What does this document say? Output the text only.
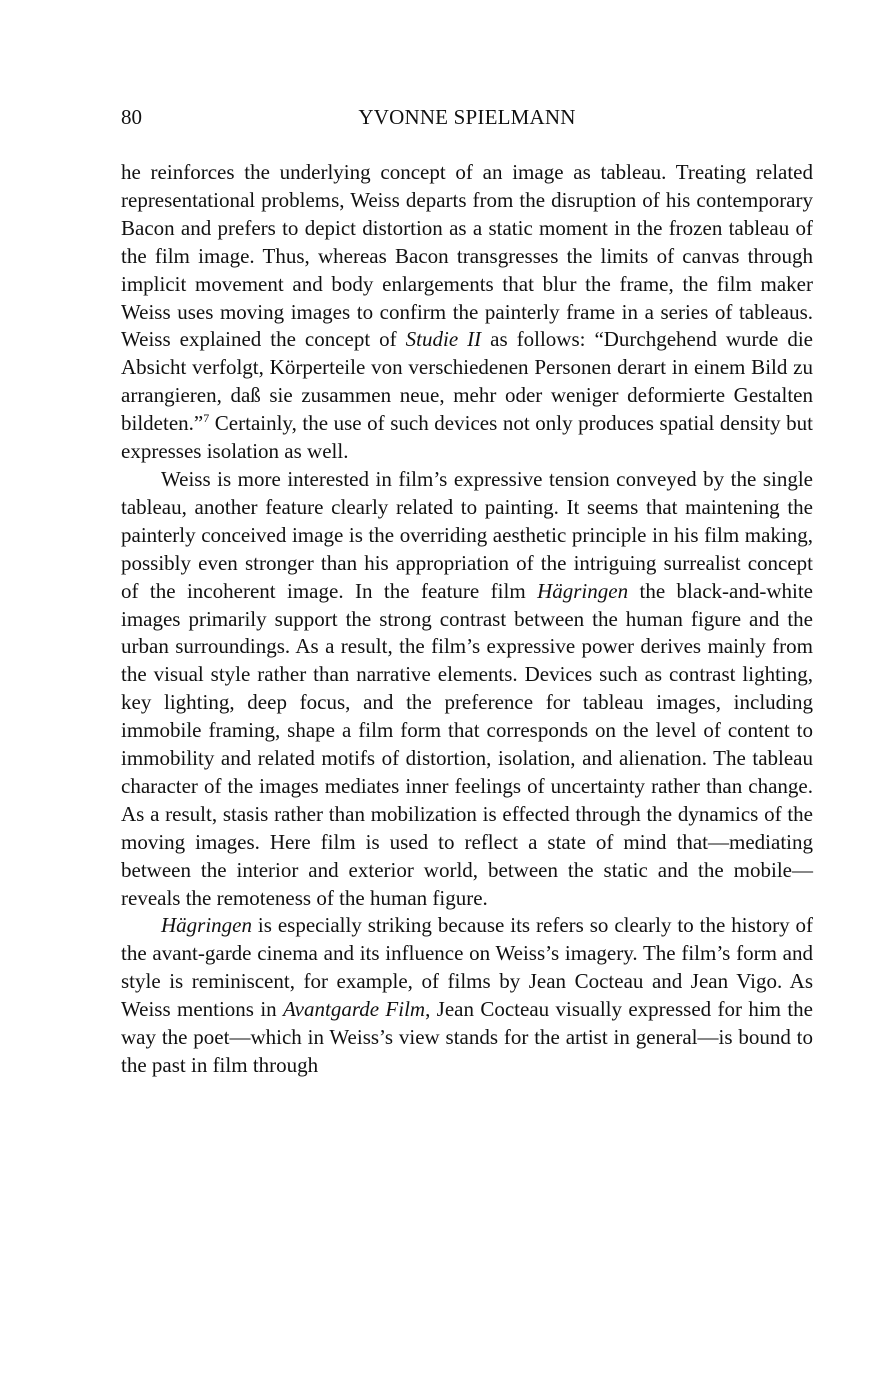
80	YVONNE SPIELMANN

he reinforces the underlying concept of an image as tableau. Treating related representational problems, Weiss departs from the disruption of his contemporary Bacon and prefers to depict distortion as a static moment in the frozen tableau of the film image. Thus, whereas Bacon transgresses the limits of canvas through implicit movement and body enlargements that blur the frame, the film maker Weiss uses moving images to confirm the painterly frame in a series of tableaus. Weiss explained the concept of Studie II as follows: “Durchgehend wurde die Absicht verfolgt, Körperteile von verschiedenen Personen derart in einem Bild zu arrangieren, daß sie zusammen neue, mehr oder weniger deformierte Gestalten bildeten.”$^7$ Certainly, the use of such devices not only produces spatial density but expresses isolation as well.

Weiss is more interested in film’s expressive tension conveyed by the single tableau, another feature clearly related to painting. It seems that maintening the painterly conceived image is the overriding aesthetic principle in his film making, possibly even stronger than his appropriation of the intriguing surrealist concept of the incoherent image. In the feature film Hägringen the black-and-white images primarily support the strong contrast between the human figure and the urban surroundings. As a result, the film’s expressive power derives mainly from the visual style rather than narrative elements. Devices such as contrast lighting, key lighting, deep focus, and the preference for tableau images, including immobile framing, shape a film form that corresponds on the level of content to immobility and related motifs of distortion, isolation, and alienation. The tableau character of the images mediates inner feelings of uncertainty rather than change. As a result, stasis rather than mobilization is effected through the dynamics of the moving images. Here film is used to reflect a state of mind that—mediating between the interior and exterior world, between the static and the mobile—reveals the remoteness of the human figure.

Hägringen is especially striking because its refers so clearly to the history of the avant-garde cinema and its influence on Weiss’s imagery. The film’s form and style is reminiscent, for example, of films by Jean Cocteau and Jean Vigo. As Weiss mentions in Avantgarde Film, Jean Cocteau visually expressed for him the way the poet—which in Weiss’s view stands for the artist in general—is bound to the past in film through
